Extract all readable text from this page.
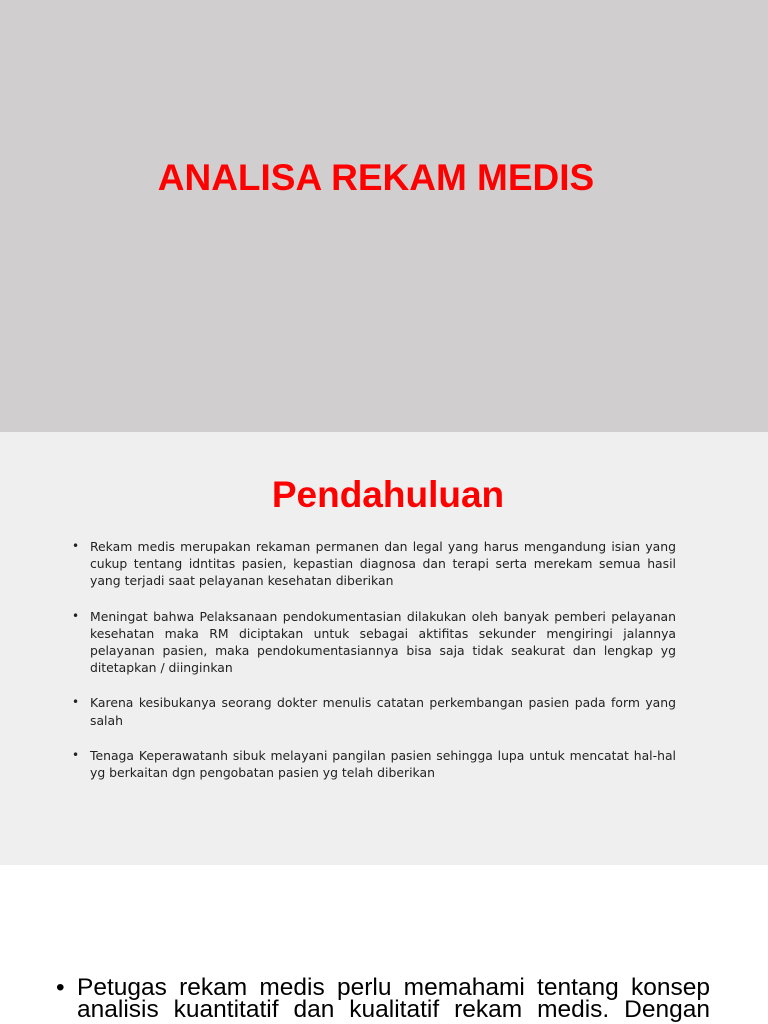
ANALISA REKAM MEDIS
Pendahuluan
• Rekam medis merupakan rekaman permanen dan legal yang harus mengandung isian yang cukup tentang idntitas pasien, kepastian diagnosa dan terapi serta merekam semua hasil yang terjadi saat pelayanan kesehatan diberikan
• Meningat bahwa Pelaksanaan pendokumentasian dilakukan oleh banyak pemberi pelayanan kesehatan maka RM diciptakan untuk sebagai aktifitas sekunder mengiringi jalannya pelayanan pasien, maka pendokumentasiannya bisa saja tidak seakurat dan lengkap yg ditetapkan / diinginkan
• Karena kesibukanya seorang dokter menulis catatan perkembangan pasien pada form yang salah
• Tenaga Keperawatanh sibuk melayani pangilan pasien sehingga lupa untuk mencatat hal-hal yg berkaitan dgn pengobatan pasien yg telah diberikan

• Petugas rekam medis perlu memahami tentang konsep analisis kuantitatif dan kualitatif rekam medis. Dengan
